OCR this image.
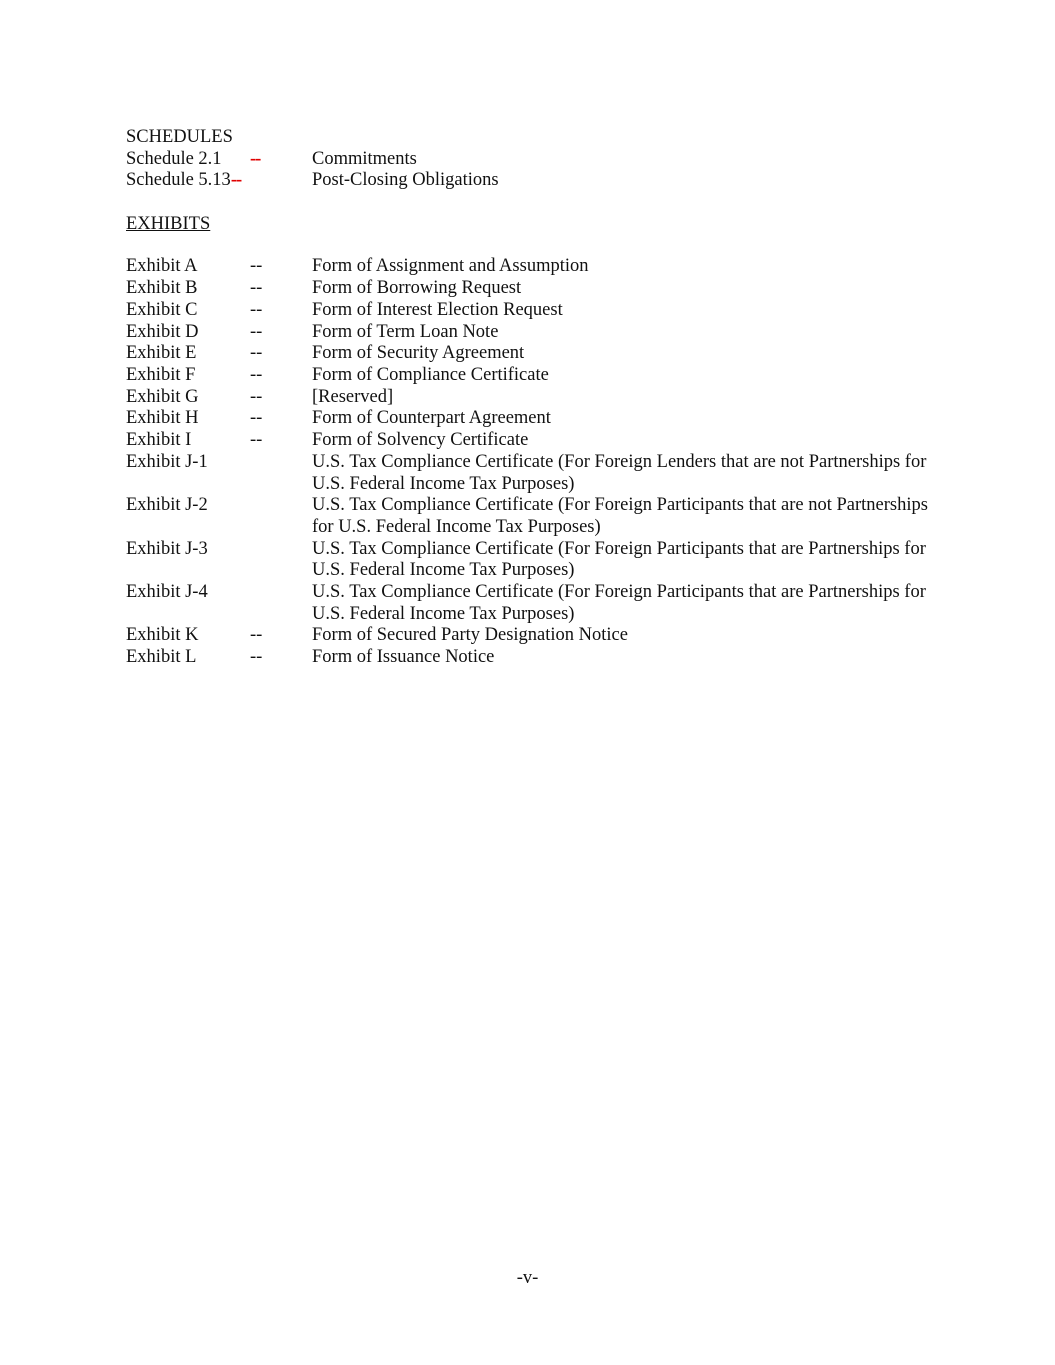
SCHEDULES
Schedule 2.1 --	Commitments
Schedule 5.13--	Post-Closing Obligations
EXHIBITS
Exhibit A	--	Form of Assignment and Assumption
Exhibit B	--	Form of Borrowing Request
Exhibit C	--	Form of Interest Election Request
Exhibit D	--	Form of Term Loan Note
Exhibit E	--	Form of Security Agreement
Exhibit F	--	Form of Compliance Certificate
Exhibit G	--	[Reserved]
Exhibit H	--	Form of Counterpart Agreement
Exhibit I	--	Form of Solvency Certificate
Exhibit J-1	U.S. Tax Compliance Certificate (For Foreign Lenders that are not Partnerships for U.S. Federal Income Tax Purposes)
Exhibit J-2	U.S. Tax Compliance Certificate (For Foreign Participants that are not Partnerships for U.S. Federal Income Tax Purposes)
Exhibit J-3	U.S. Tax Compliance Certificate (For Foreign Participants that are Partnerships for U.S. Federal Income Tax Purposes)
Exhibit J-4	U.S. Tax Compliance Certificate (For Foreign Participants that are Partnerships for U.S. Federal Income Tax Purposes)
Exhibit K	--	Form of Secured Party Designation Notice
Exhibit L	--	Form of Issuance Notice
-v-
